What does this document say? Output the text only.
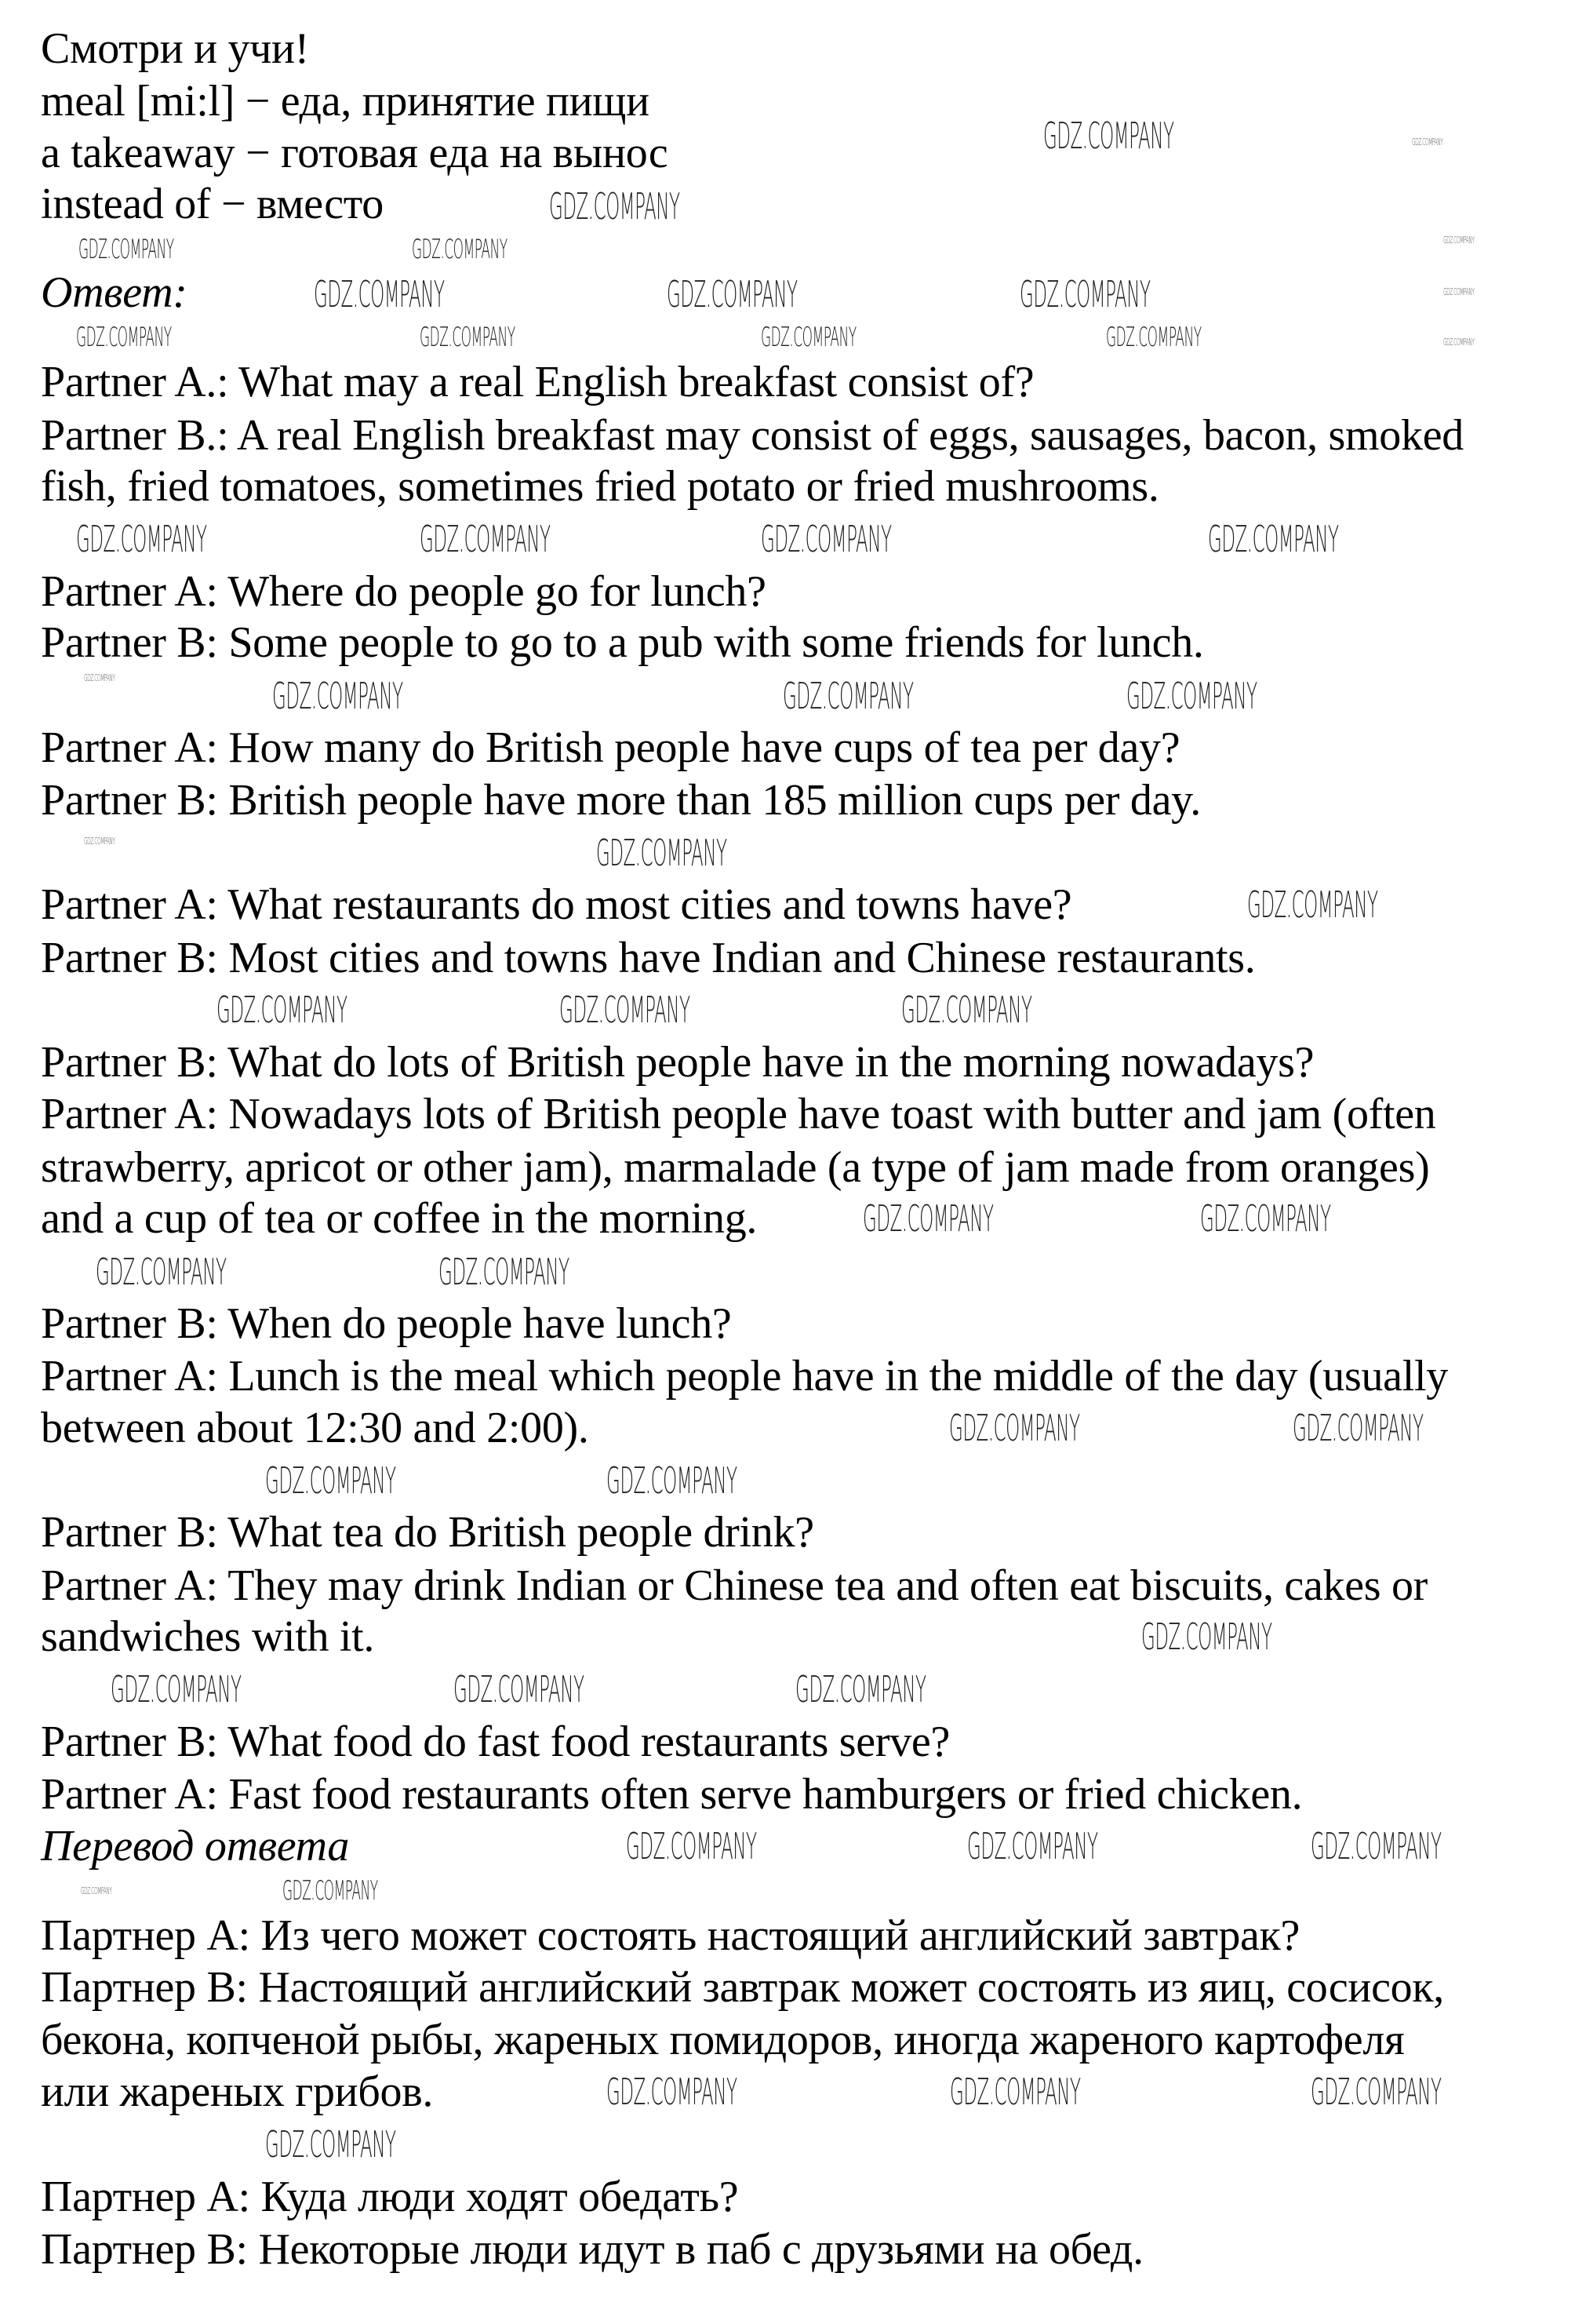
Смотри и учи!
meal [mi:l] − еда, принятие пищи
a takeaway − готовая еда на вынос
instead of − вместо
Ответ:
Partner A.: What may a real English breakfast consist of?
Partner B.: A real English breakfast may consist of eggs, sausages, bacon, smoked
fish, fried tomatoes, sometimes fried potato or fried mushrooms.
Partner A: Where do people go for lunch?
Partner B: Some people to go to a pub with some friends for lunch.
Partner A: How many do British people have cups of tea per day?
Partner B: British people have more than 185 million cups per day.
Partner A: What restaurants do most cities and towns have?
Partner B: Most cities and towns have Indian and Chinese restaurants.
Partner B: What do lots of British people have in the morning nowadays?
Partner A: Nowadays lots of British people have toast with butter and jam (often
strawberry, apricot or other jam), marmalade (a type of jam made from oranges)
and a cup of tea or coffee in the morning.
Partner B: When do people have lunch?
Partner A: Lunch is the meal which people have in the middle of the day (usually
between about 12:30 and 2:00).
Partner B: What tea do British people drink?
Partner A: They may drink Indian or Chinese tea and often eat biscuits, cakes or
sandwiches with it.
Partner B: What food do fast food restaurants serve?
Partner A: Fast food restaurants often serve hamburgers or fried chicken.
Перевод ответа
Партнер А: Из чего может состоять настоящий английский завтрак?
Партнер В: Настоящий английский завтрак может состоять из яиц, сосисок,
бекона, копченой рыбы, жареных помидоров, иногда жареного картофеля
или жареных грибов.
Партнер А: Куда люди ходят обедать?
Партнер В: Некоторые люди идут в паб с друзьями на обед.
GDZ.COMPANY	GDZ.COMPANY
GDZ.COMPANY
GDZ.COMPANY
GDZ.COMPANY
GDZ.COMPANY
GDZ.COMPANY	GDZ.COMPANY
GDZ.COMPANY	GDZ.COMPANY	GDZ.COMPANY
GDZ.COMPANY	GDZ.COMPANY	GDZ.COMPANY	GDZ.COMPANY
GDZ.COMPANY	GDZ.COMPANY	GDZ.COMPANY	GDZ.COMPANY
GDZ.COMPANY	GDZ.COMPANY	GDZ.COMPANY	GDZ.COMPANY
GDZ.COMPANY	GDZ.COMPANY
GDZ.COMPANY
GDZ.COMPANY	GDZ.COMPANY	GDZ.COMPANY
GDZ.COMPANY	GDZ.COMPANY
GDZ.COMPANY	GDZ.COMPANY
GDZ.COMPANY	GDZ.COMPANY
GDZ.COMPANY	GDZ.COMPANY
GDZ.COMPANY
GDZ.COMPANY	GDZ.COMPANY	GDZ.COMPANY
GDZ.COMPANY	GDZ.COMPANY	GDZ.COMPANY
GDZ.COMPANY	GDZ.COMPANY
GDZ.COMPANY	GDZ.COMPANY	GDZ.COMPANY
GDZ.COMPANY
